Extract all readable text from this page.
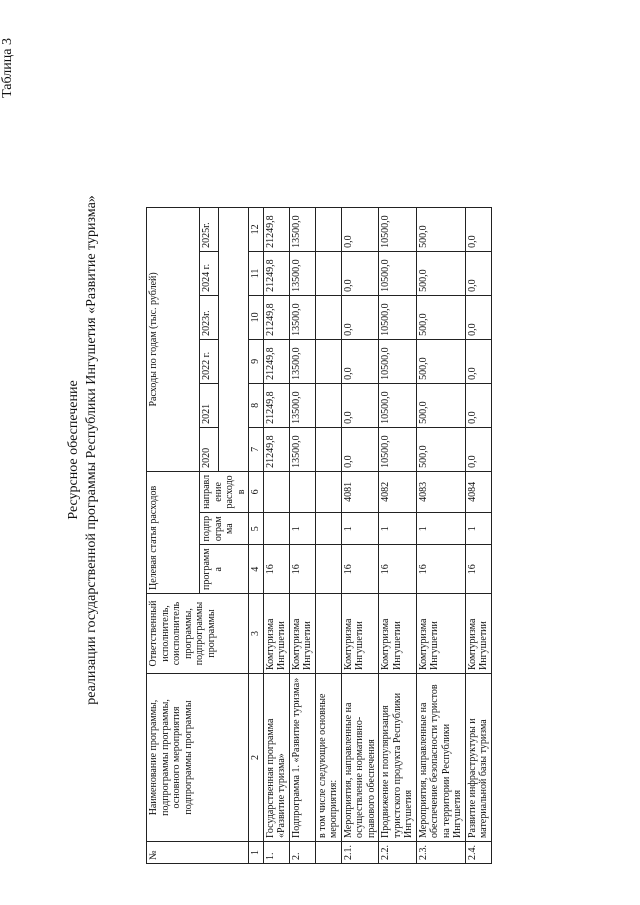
Таблица 3
Ресурсное обеспечение реализации государственной программы Республики Ингушетия «Развитие туризма»
№	Наименование программы, подпрограммы программы, основного мероприятия подпрограммы программы	Ответственный исполнитель, соисполнитель программы, подпрограммы программы	Целевая статья расходов			Расходы по годам (тыс. рублей)					
			программ а	подпр ограм ма	направл ение расходо в	2020	2021	2022 г.	2023г.	2024 г.	2025г.

1	2	3	4	5	6	7	8	9	10	11	12
1.	Государственная программа «Развитие туризма»	Комтуризма Ингушетии	16			21249,8	21249,8	21249,8	21249,8	21249,8	21249,8
2.	Подпрограмма 1. «Развитие туризма»	Комтуризма Ингушетии	16	1		13500,0	13500,0	13500,0	13500,0	13500,0	13500,0
	в том числе следующие основные мероприятия:										
2.1.	Мероприятия, направленные на осуществление нормативно-правового обеспечения	Комтуризма Ингушетии	16	1	4081	0,0	0,0	0,0	0,0	0,0	0,0
2.2.	Продвижение и популяризация туристского продукта Республики Ингушетия	Комтуризма Ингушетии	16	1	4082	10500,0	10500,0	10500,0	10500,0	10500,0	10500,0
2.3.	Мероприятия, направленные на обеспечение безопасности туристов на территории Республики Ингушетия	Комтуризма Ингушетии	16	1	4083	500,0	500,0	500,0	500,0	500,0	500,0
2.4.	Развитие инфраструктуры и материальной базы туризма	Комтуризма Ингушетии	16	1	4084	0,0	0,0	0,0	0,0	0,0	0,0
